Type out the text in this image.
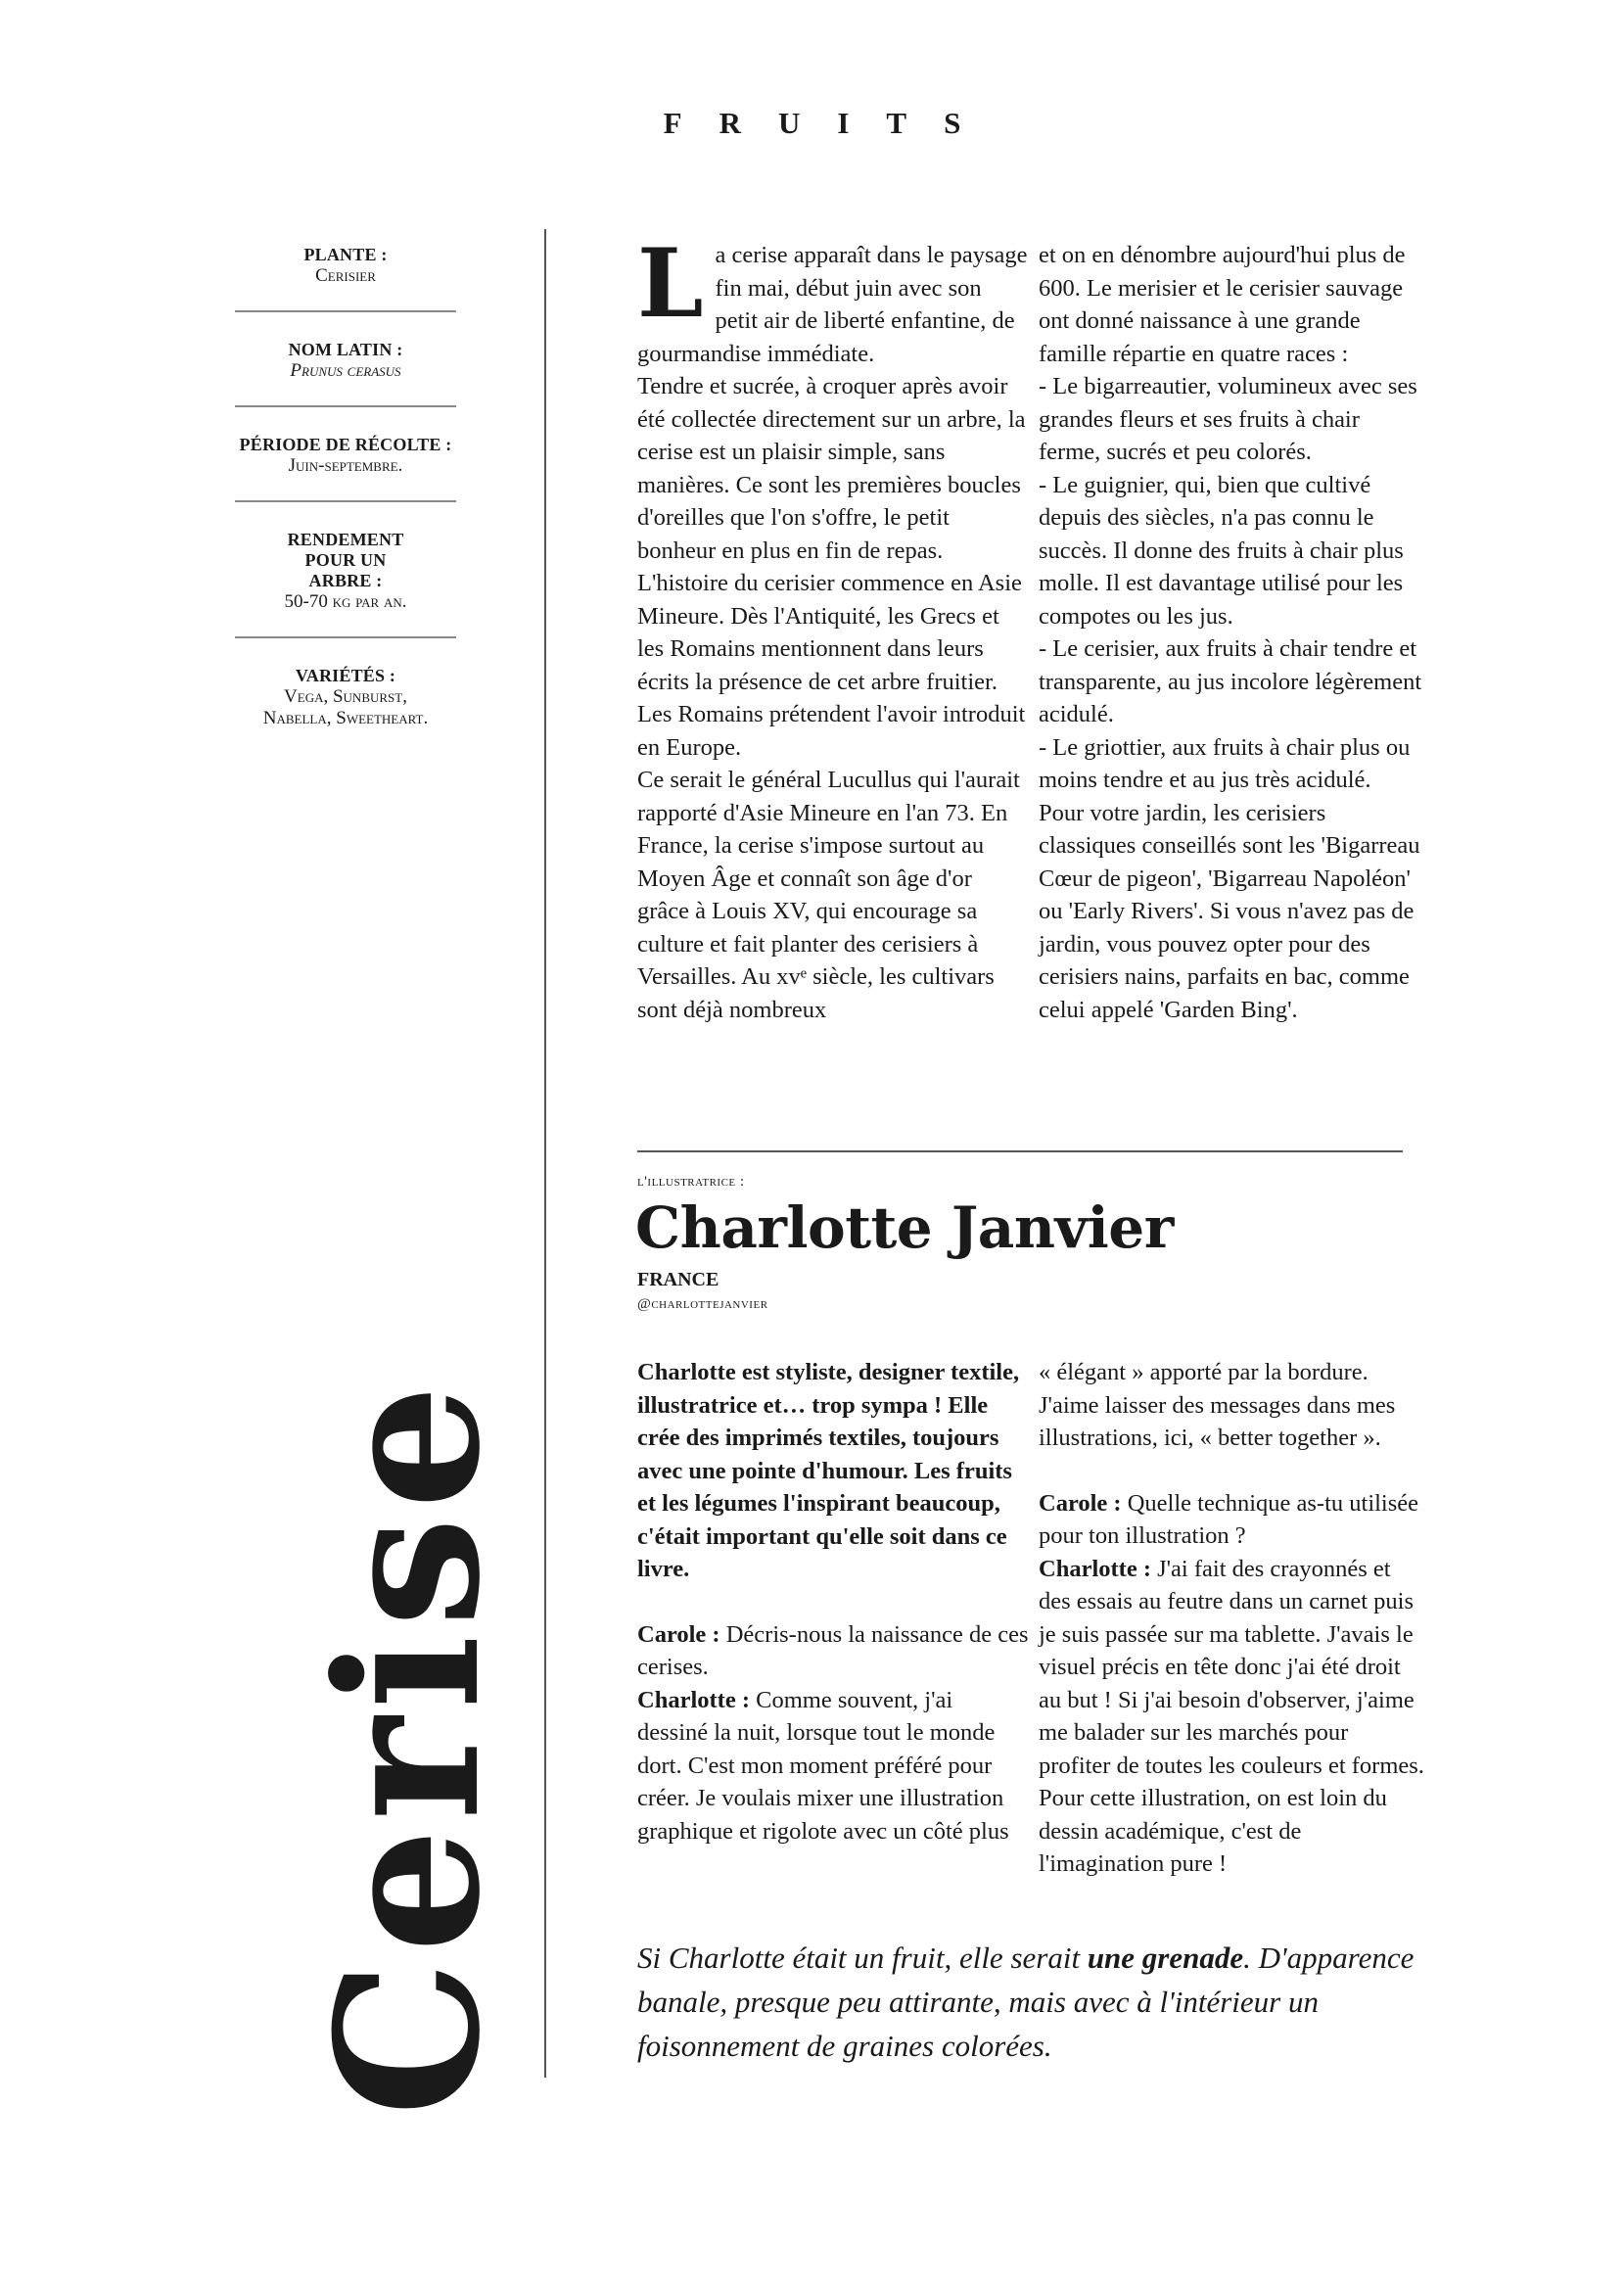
FRUITS
PLANTE :
Cerisier
NOM LATIN :
Prunus cerasus
PÉRIODE DE RÉCOLTE :
Juin-septembre.
RENDEMENT POUR UN ARBRE :
50-70 kg par an.
VARIÉTÉS :
Vega, Sunburst, Nabella, Sweetheart.
Cerise
La cerise apparaît dans le paysage fin mai, début juin avec son petit air de liberté enfantine, de gourmandise immédiate.
Tendre et sucrée, à croquer après avoir été collectée directement sur un arbre, la cerise est un plaisir simple, sans manières. Ce sont les premières boucles d'oreilles que l'on s'offre, le petit bonheur en plus en fin de repas. L'histoire du cerisier commence en Asie Mineure. Dès l'Antiquité, les Grecs et les Romains mentionnent dans leurs écrits la présence de cet arbre fruitier. Les Romains prétendent l'avoir introduit en Europe.
Ce serait le général Lucullus qui l'aurait rapporté d'Asie Mineure en l'an 73. En France, la cerise s'impose surtout au Moyen Âge et connaît son âge d'or grâce à Louis XV, qui encourage sa culture et fait planter des cerisiers à Versailles. Au xvᵉ siècle, les cultivars sont déjà nombreux
et on en dénombre aujourd'hui plus de 600. Le merisier et le cerisier sauvage ont donné naissance à une grande famille répartie en quatre races :
- Le bigarreautier, volumineux avec ses grandes fleurs et ses fruits à chair ferme, sucrés et peu colorés.
- Le guignier, qui, bien que cultivé depuis des siècles, n'a pas connu le succès. Il donne des fruits à chair plus molle. Il est davantage utilisé pour les compotes ou les jus.
- Le cerisier, aux fruits à chair tendre et transparente, au jus incolore légèrement acidulé.
- Le griottier, aux fruits à chair plus ou moins tendre et au jus très acidulé.
Pour votre jardin, les cerisiers classiques conseillés sont les 'Bigarreau Cœur de pigeon', 'Bigarreau Napoléon' ou 'Early Rivers'. Si vous n'avez pas de jardin, vous pouvez opter pour des cerisiers nains, parfaits en bac, comme celui appelé 'Garden Bing'.
l'illustratrice :
Charlotte Janvier
FRANCE
@charlottejanvier
Charlotte est styliste, designer textile, illustratrice et… trop sympa ! Elle crée des imprimés textiles, toujours avec une pointe d'humour. Les fruits et les légumes l'inspirant beaucoup, c'était important qu'elle soit dans ce livre.
Carole : Décris-nous la naissance de ces cerises.
Charlotte : Comme souvent, j'ai dessiné la nuit, lorsque tout le monde dort. C'est mon moment préféré pour créer. Je voulais mixer une illustration graphique et rigolote avec un côté plus
« élégant » apporté par la bordure. J'aime laisser des messages dans mes illustrations, ici, « better together ».
Carole : Quelle technique as-tu utilisée pour ton illustration ?
Charlotte : J'ai fait des crayonnés et des essais au feutre dans un carnet puis je suis passée sur ma tablette. J'avais le visuel précis en tête donc j'ai été droit au but ! Si j'ai besoin d'observer, j'aime me balader sur les marchés pour profiter de toutes les couleurs et formes. Pour cette illustration, on est loin du dessin académique, c'est de l'imagination pure !
Si Charlotte était un fruit, elle serait une grenade. D'apparence banale, presque peu attirante, mais avec à l'intérieur un foisonnement de graines colorées.
